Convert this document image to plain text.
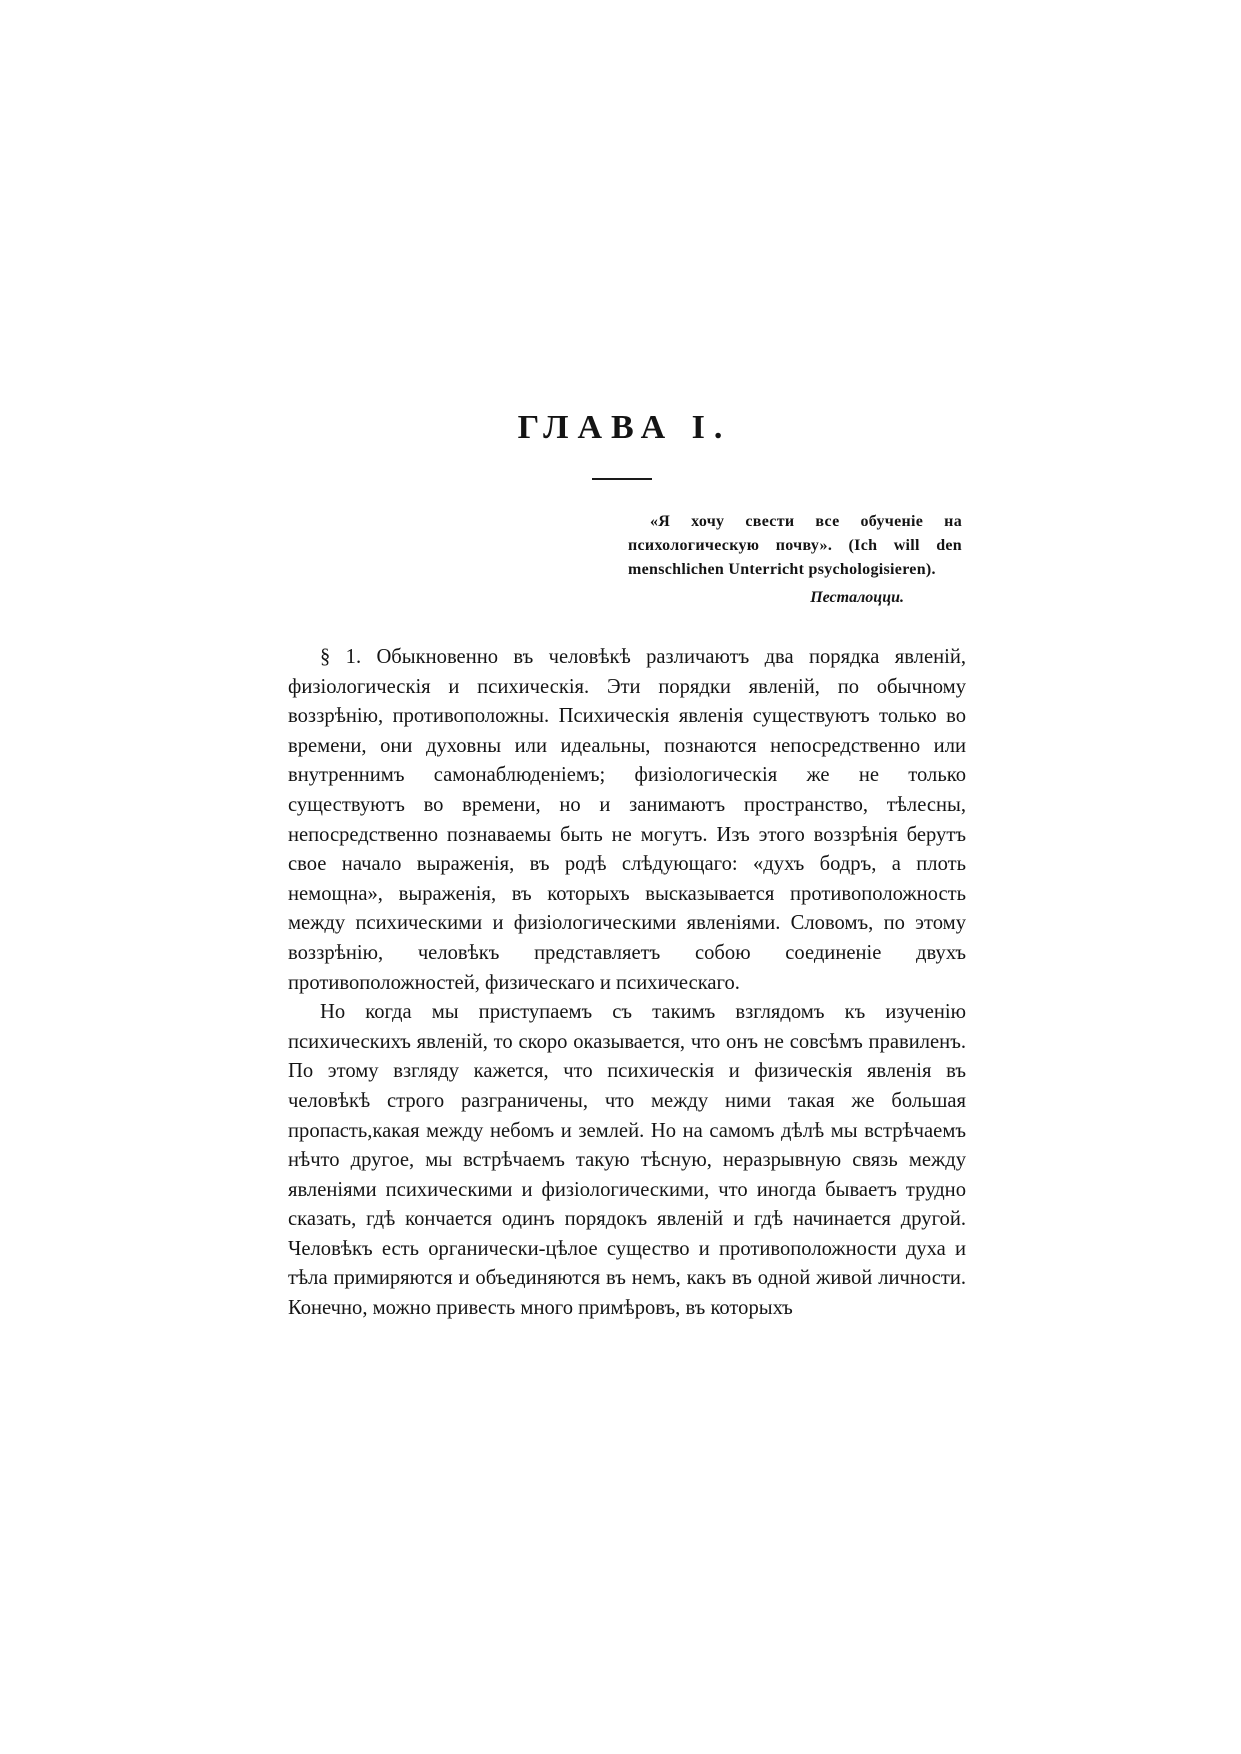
ГЛАВА I.

«Я хочу свести все обученіе на психологическую почву». (Ich will den menschlichen Unterricht psychologisieren).

Песталоцци.

§ 1. Обыкновенно въ человѣкѣ различаютъ два порядка явленій, физіологическія и психическія. Эти порядки явленій, по обычному воззрѣнію, противоположны. Психическія явленія существуютъ только во времени, они духовны или идеальны, познаются непосредственно или внутреннимъ самонаблюденіемъ; физіологическія же не только существуютъ во времени, но и занимаютъ пространство, тѣлесны, непосредственно познаваемы быть не могутъ. Изъ этого воззрѣнія берутъ свое начало выраженія, въ родѣ слѣдующаго: «духъ бодръ, а плоть немощна», выраженія, въ которыхъ высказывается противоположность между психическими и физіологическими явленіями. Словомъ, по этому воззрѣнію, человѣкъ представляетъ собою соединеніе двухъ противоположностей, физическаго и психическаго.

Но когда мы приступаемъ съ такимъ взглядомъ къ изученію психическихъ явленій, то скоро оказывается, что онъ не совсѣмъ правиленъ. По этому взгляду кажется, что психическія и физическія явленія въ человѣкѣ строго разграничены, что между ними такая же большая пропасть,какая между небомъ и землей. Но на самомъ дѣлѣ мы встрѣчаемъ нѣчто другое, мы встрѣчаемъ такую тѣсную, неразрывную связь между явленіями психическими и физіологическими, что иногда бываетъ трудно сказать, гдѣ кончается одинъ порядокъ явленій и гдѣ начинается другой. Человѣкъ есть органически-цѣлое существо и противоположности духа и тѣла примиряются и объединяются въ немъ, какъ въ одной живой личности. Конечно, можно привесть много примѣровъ, въ которыхъ
